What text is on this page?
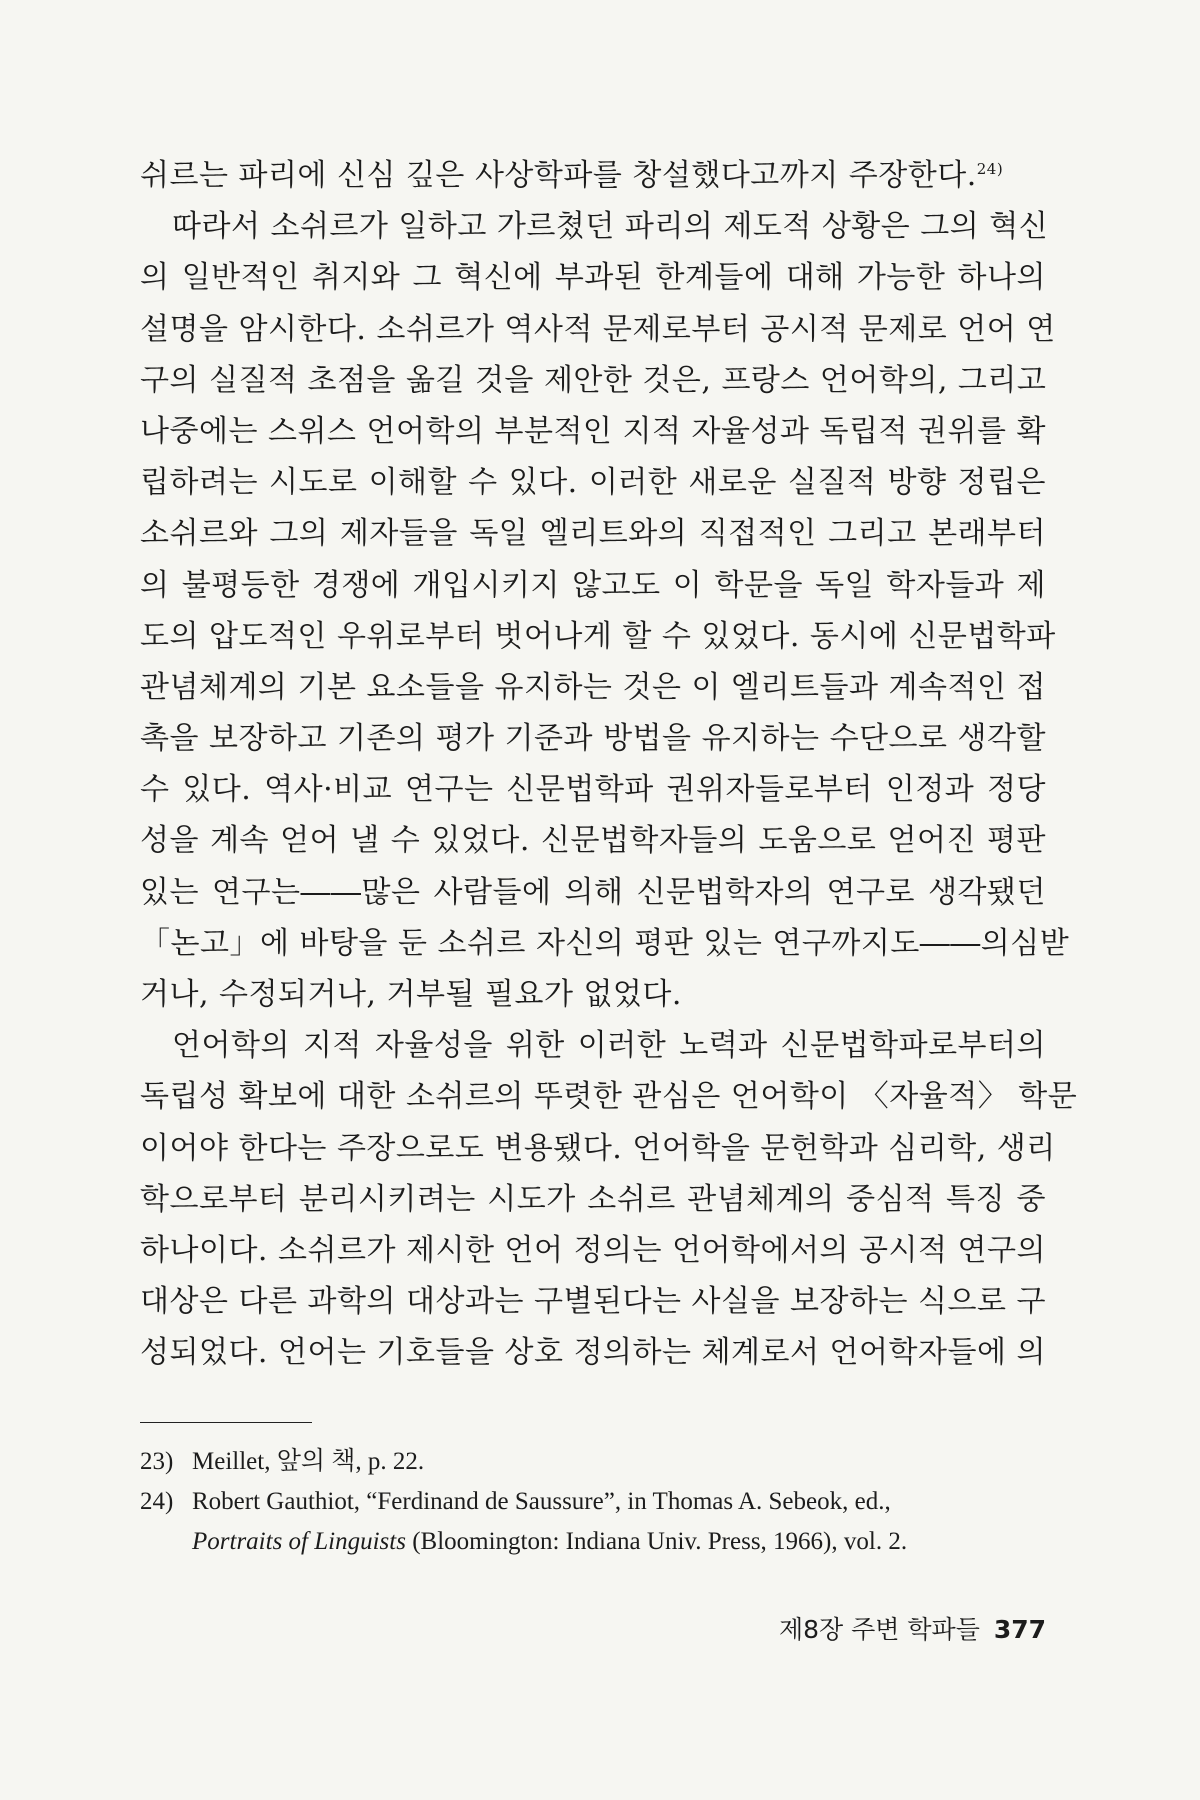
쉬르는 파리에 신심 깊은 사상학파를 창설했다고까지 주장한다.$^{24)}$
따라서 소쉬르가 일하고 가르쳤던 파리의 제도적 상황은 그의 혁신
의 일반적인 취지와 그 혁신에 부과된 한계들에 대해 가능한 하나의
설명을 암시한다. 소쉬르가 역사적 문제로부터 공시적 문제로 언어 연
구의 실질적 초점을 옮길 것을 제안한 것은, 프랑스 언어학의, 그리고
나중에는 스위스 언어학의 부분적인 지적 자율성과 독립적 권위를 확
립하려는 시도로 이해할 수 있다. 이러한 새로운 실질적 방향 정립은
소쉬르와 그의 제자들을 독일 엘리트와의 직접적인 그리고 본래부터
의 불평등한 경쟁에 개입시키지 않고도 이 학문을 독일 학자들과 제
도의 압도적인 우위로부터 벗어나게 할 수 있었다. 동시에 신문법학파
관념체계의 기본 요소들을 유지하는 것은 이 엘리트들과 계속적인 접
촉을 보장하고 기존의 평가 기준과 방법을 유지하는 수단으로 생각할
수 있다. 역사·비교 연구는 신문법학파 권위자들로부터 인정과 정당
성을 계속 얻어 낼 수 있었다. 신문법학자들의 도움으로 얻어진 평판
있는 연구는――많은 사람들에 의해 신문법학자의 연구로 생각됐던
「논고」에 바탕을 둔 소쉬르 자신의 평판 있는 연구까지도――의심받
거나, 수정되거나, 거부될 필요가 없었다.
언어학의 지적 자율성을 위한 이러한 노력과 신문법학파로부터의
독립성 확보에 대한 소쉬르의 뚜렷한 관심은 언어학이 〈자율적〉 학문
이어야 한다는 주장으로도 변용됐다. 언어학을 문헌학과 심리학, 생리
학으로부터 분리시키려는 시도가 소쉬르 관념체계의 중심적 특징 중
하나이다. 소쉬르가 제시한 언어 정의는 언어학에서의 공시적 연구의
대상은 다른 과학의 대상과는 구별된다는 사실을 보장하는 식으로 구
성되었다. 언어는 기호들을 상호 정의하는 체계로서 언어학자들에 의
23) Meillet, 앞의 책, p. 22.
24) Robert Gauthiot, “Ferdinand de Saussure”, in Thomas A. Sebeok, ed.,
Portraits of Linguists (Bloomington: Indiana Univ. Press, 1966), vol. 2.
제8장 주변 학파들 377
